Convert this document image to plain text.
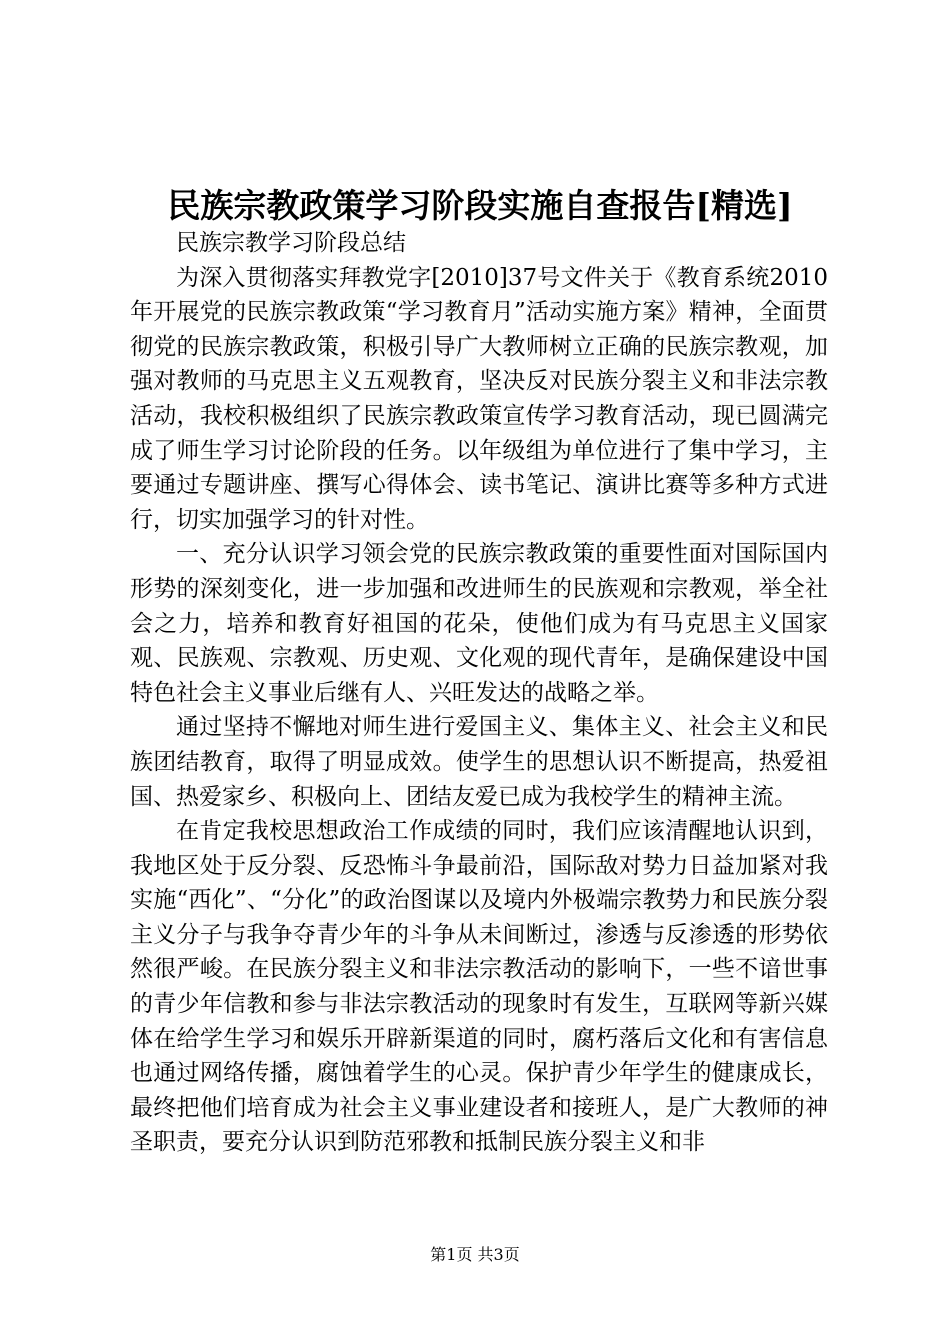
民族宗教政策学习阶段实施自查报告[精选]

民族宗教学习阶段总结

为深入贯彻落实拜教党字[2010]37号文件关于《教育系统2010年开展党的民族宗教政策“学习教育月”活动实施方案》精神，全面贯彻党的民族宗教政策，积极引导广大教师树立正确的民族宗教观，加强对教师的马克思主义五观教育，坚决反对民族分裂主义和非法宗教活动，我校积极组织了民族宗教政策宣传学习教育活动，现已圆满完成了师生学习讨论阶段的任务。以年级组为单位进行了集中学习，主要通过专题讲座、撰写心得体会、读书笔记、演讲比赛等多种方式进行，切实加强学习的针对性。

一、充分认识学习领会党的民族宗教政策的重要性面对国际国内形势的深刻变化，进一步加强和改进师生的民族观和宗教观，举全社会之力，培养和教育好祖国的花朵，使他们成为有马克思主义国家观、民族观、宗教观、历史观、文化观的现代青年，是确保建设中国特色社会主义事业后继有人、兴旺发达的战略之举。

通过坚持不懈地对师生进行爱国主义、集体主义、社会主义和民族团结教育，取得了明显成效。使学生的思想认识不断提高，热爱祖国、热爱家乡、积极向上、团结友爱已成为我校学生的精神主流。

在肯定我校思想政治工作成绩的同时，我们应该清醒地认识到，我地区处于反分裂、反恐怖斗争最前沿，国际敌对势力日益加紧对我实施“西化”、“分化”的政治图谋以及境内外极端宗教势力和民族分裂主义分子与我争夺青少年的斗争从未间断过，渗透与反渗透的形势依然很严峻。在民族分裂主义和非法宗教活动的影响下，一些不谙世事的青少年信教和参与非法宗教活动的现象时有发生，互联网等新兴媒体在给学生学习和娱乐开辟新渠道的同时，腐朽落后文化和有害信息也通过网络传播，腐蚀着学生的心灵。保护青少年学生的健康成长，最终把他们培育成为社会主义事业建设者和接班人，是广大教师的神圣职责，要充分认识到防范邪教和抵制民族分裂主义和非

第1页 共3页
